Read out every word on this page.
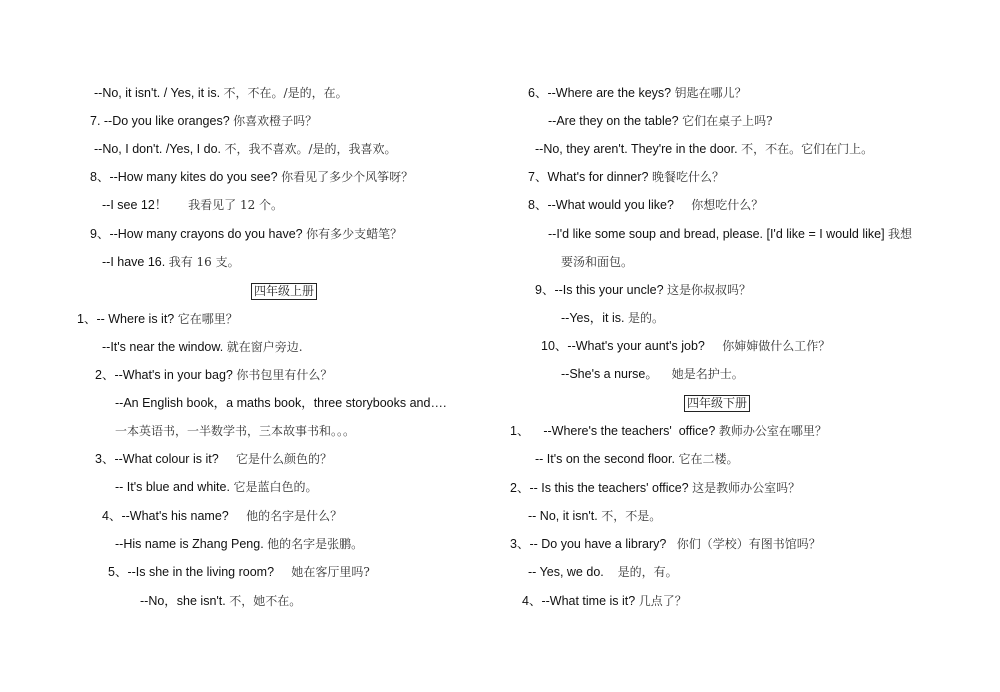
--No, it isn't. / Yes, it is. 不，不在。/是的，在。
7. --Do you like oranges? 你喜欢橙子吗？
--No, I don't. /Yes, I do. 不，我不喜欢。/是的，我喜欢。
8、--How many kites do you see? 你看见了多少个风筝呀？
--I see 12！ 我看见了 12 个。
9、--How many crayons do you have? 你有多少支蜡笔？
--I have 16. 我有 16 支。
四年级上册
1、-- Where is it? 它在哪里？
--It's near the window. 就在窗户旁边.
2、--What's in your bag? 你书包里有什么？
--An English book，a maths book，three storybooks and….
一本英语书，一半数学书，三本故事书和。。。
3、--What colour is it? 它是什么颜色的？
-- It's blue and white. 它是蓝白色的。
4、--What's his name? 他的名字是什么？
--His name is Zhang Peng. 他的名字是张鹏。
5、--Is she in the living room? 她在客厅里吗?
--No，she isn't. 不，她不在。
6、--Where are the keys? 钥匙在哪儿？
--Are they on the table? 它们在桌子上吗?
--No, they aren't. They're in the door. 不，不在。它们在门上。
7、What's for dinner? 晚餐吃什么？
8、--What would you like? 你想吃什么？
--I'd like some soup and bread, please. [I'd like = I would like] 我想
要汤和面包。
9、--Is this your uncle? 这是你叔叔吗？
--Yes，it is. 是的。
10、--What's your aunt's job? 你婶婶做什么工作？
--She's a nurse。 她是名护士。
四年级下册
1、    --Where's the teachers'  office? 教师办公室在哪里？
-- It's on the second floor. 它在二楼。
2、-- Is this the teachers' office? 这是教师办公室吗？
-- No, it isn't. 不，不是。
3、-- Do you have a library? 你们（学校）有图书馆吗？
-- Yes, we do. 是的，有。
4、--What time is it? 几点了？
